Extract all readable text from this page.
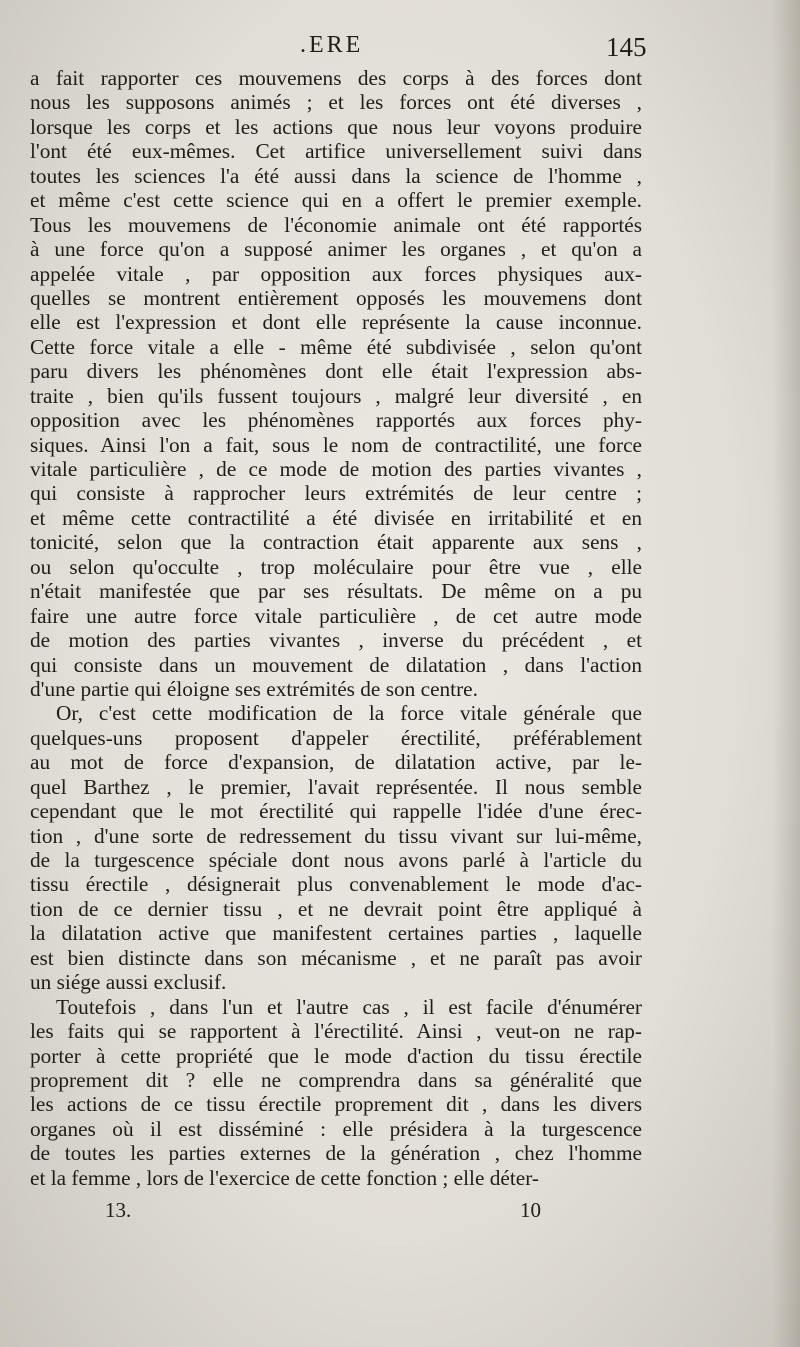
.ERE	145
a fait rapporter ces mouvemens des corps à des forces dont
nous les supposons animés ; et les forces ont été diverses ,
lorsque les corps et les actions que nous leur voyons produire
l'ont été eux-mêmes. Cet artifice universellement suivi dans
toutes les sciences l'a été aussi dans la science de l'homme ,
et même c'est cette science qui en a offert le premier exemple.
Tous les mouvemens de l'économie animale ont été rapportés
à une force qu'on a supposé animer les organes , et qu'on a
appelée vitale , par opposition aux forces physiques aux-
quelles se montrent entièrement opposés les mouvemens dont
elle est l'expression et dont elle représente la cause inconnue.
Cette force vitale a elle - même été subdivisée , selon qu'ont
paru divers les phénomènes dont elle était l'expression abs-
traite , bien qu'ils fussent toujours , malgré leur diversité , en
opposition avec les phénomènes rapportés aux forces phy-
siques. Ainsi l'on a fait, sous le nom de contractilité, une force
vitale particulière , de ce mode de motion des parties vivantes ,
qui consiste à rapprocher leurs extrémités de leur centre ;
et même cette contractilité a été divisée en irritabilité et en
tonicité, selon que la contraction était apparente aux sens ,
ou selon qu'occulte , trop moléculaire pour être vue , elle
n'était manifestée que par ses résultats. De même on a pu
faire une autre force vitale particulière , de cet autre mode
de motion des parties vivantes , inverse du précédent , et
qui consiste dans un mouvement de dilatation , dans l'action
d'une partie qui éloigne ses extrémités de son centre.
Or, c'est cette modification de la force vitale générale que
quelques-uns proposent d'appeler érectilité, préférablement
au mot de force d'expansion, de dilatation active, par le-
quel Barthez , le premier, l'avait représentée. Il nous semble
cependant que le mot érectilité qui rappelle l'idée d'une érec-
tion , d'une sorte de redressement du tissu vivant sur lui-même,
de la turgescence spéciale dont nous avons parlé à l'article du
tissu érectile , désignerait plus convenablement le mode d'ac-
tion de ce dernier tissu , et ne devrait point être appliqué à
la dilatation active que manifestent certaines parties , laquelle
est bien distincte dans son mécanisme , et ne paraît pas avoir
un siége aussi exclusif.
Toutefois , dans l'un et l'autre cas , il est facile d'énumérer
les faits qui se rapportent à l'érectilité. Ainsi , veut-on ne rap-
porter à cette propriété que le mode d'action du tissu érectile
proprement dit ? elle ne comprendra dans sa généralité que
les actions de ce tissu érectile proprement dit , dans les divers
organes où il est disséminé : elle présidera à la turgescence
de toutes les parties externes de la génération , chez l'homme
et la femme , lors de l'exercice de cette fonction ; elle déter-
13.	10
